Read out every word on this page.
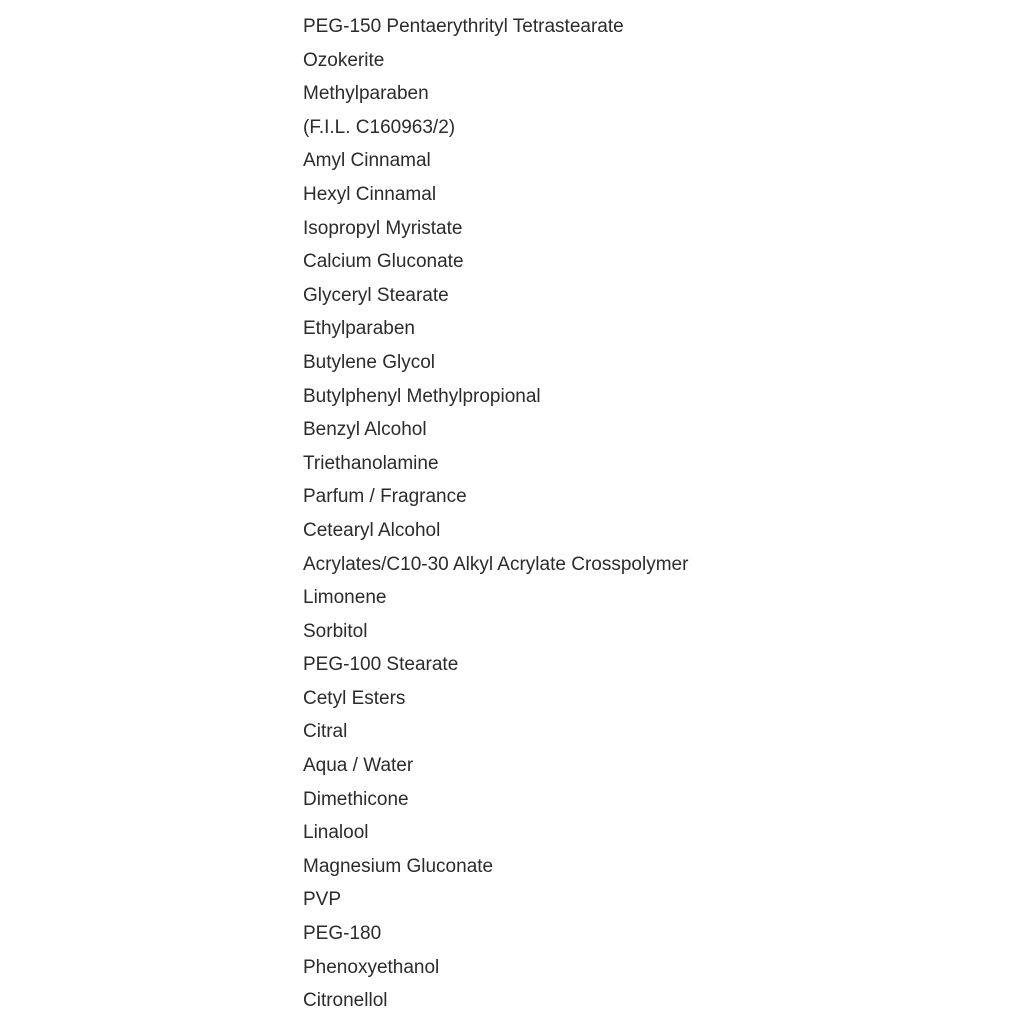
PEG-150 Pentaerythrityl Tetrastearate
Ozokerite
Methylparaben
(F.I.L. C160963/2)
Amyl Cinnamal
Hexyl Cinnamal
Isopropyl Myristate
Calcium Gluconate
Glyceryl Stearate
Ethylparaben
Butylene Glycol
Butylphenyl Methylpropional
Benzyl Alcohol
Triethanolamine
Parfum / Fragrance
Cetearyl Alcohol
Acrylates/C10-30 Alkyl Acrylate Crosspolymer
Limonene
Sorbitol
PEG-100 Stearate
Cetyl Esters
Citral
Aqua / Water
Dimethicone
Linalool
Magnesium Gluconate
PVP
PEG-180
Phenoxyethanol
Citronellol
